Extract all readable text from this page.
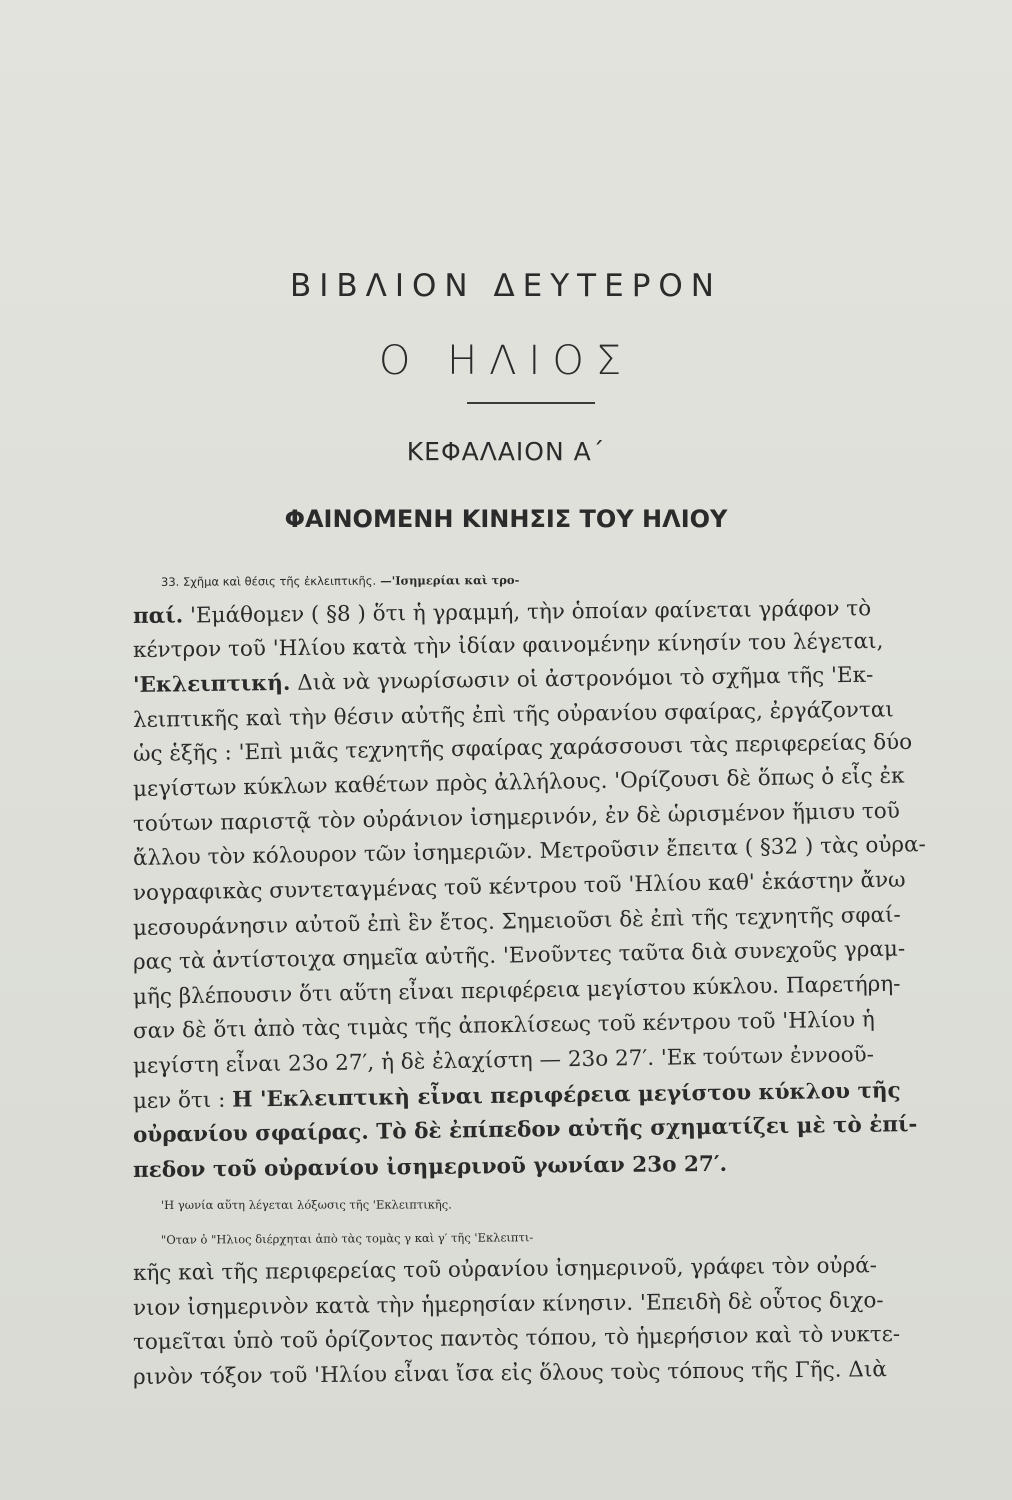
ΒΙΒΛΙΟΝ ΔΕΥΤΕΡΟΝ
Ο ΗΛΙΟΣ
ΚΕΦΑΛΑΙΟΝ Α΄
ΦΑΙΝΟΜΕΝΗ ΚΙΝΗΣΙΣ ΤΟΥ ΗΛΙΟΥ
33. Σχῆμα καὶ θέσις τῆς ἐκλειπτικῆς. —'Ισημερίαι καὶ τρο-
παί. 'Εμάθομεν ( §8 ) ὅτι ἡ γραμμή, τὴν ὁποίαν φαίνεται γράφον τὸ
κέντρον τοῦ 'Ηλίου κατὰ τὴν ἰδίαν φαινομένην κίνησίν του λέγεται,
'Εκλειπτική. Διὰ νὰ γνωρίσωσιν οἱ ἀστρονόμοι τὸ σχῆμα τῆς 'Εκ-
λειπτικῆς καὶ τὴν θέσιν αὐτῆς ἐπὶ τῆς οὐρανίου σφαίρας, ἐργάζονται
ὡς ἑξῆς : 'Επὶ μιᾶς τεχνητῆς σφαίρας χαράσσουσι τὰς περιφερείας δύο
μεγίστων κύκλων καθέτων πρὸς ἀλλήλους. 'Ορίζουσι δὲ ὅπως ὁ εἷς ἐκ
τούτων παριστᾷ τὸν οὐράνιον ἰσημερινόν, ἐν δὲ ὡρισμένον ἥμισυ τοῦ
ἄλλου τὸν κόλουρον τῶν ἰσημεριῶν. Μετροῦσιν ἔπειτα ( §32 ) τὰς οὐρα-
νογραφικὰς συντεταγμένας τοῦ κέντρου τοῦ 'Ηλίου καθ' ἑκάστην ἄνω
μεσουράνησιν αὐτοῦ ἐπὶ ἓν ἔτος. Σημειοῦσι δὲ ἐπὶ τῆς τεχνητῆς σφαί-
ρας τὰ ἀντίστοιχα σημεῖα αὐτῆς. 'Ενοῦντες ταῦτα διὰ συνεχοῦς γραμ-
μῆς βλέπουσιν ὅτι αὕτη εἶναι περιφέρεια μεγίστου κύκλου. Παρετήρη-
σαν δὲ ὅτι ἀπὸ τὰς τιμὰς τῆς ἀποκλίσεως τοῦ κέντρου τοῦ 'Ηλίου ἡ
μεγίστη εἶναι 23ο 27′, ἡ δὲ ἐλαχίστη — 23ο 27′. 'Εκ τούτων ἐννοοῦ-
μεν ὅτι : Η 'Εκλειπτικὴ εἶναι περιφέρεια μεγίστου κύκλου τῆς
οὐρανίου σφαίρας. Τὸ δὲ ἐπίπεδον αὐτῆς σχηματίζει μὲ τὸ ἐπί-
πεδον τοῦ οὐρανίου ἰσημερινοῦ γωνίαν 23ο 27′.
'Η γωνία αὕτη λέγεται λόξωσις τῆς 'Εκλειπτικῆς.
"Οταν ὁ "Ηλιος διέρχηται ἀπὸ τὰς τομὰς γ καὶ γ′ τῆς 'Εκλειπτι-
κῆς καὶ τῆς περιφερείας τοῦ οὐρανίου ἰσημερινοῦ, γράφει τὸν οὐρά-
νιον ἰσημερινὸν κατὰ τὴν ἡμερησίαν κίνησιν. 'Επειδὴ δὲ οὗτος διχο-
τομεῖται ὑπὸ τοῦ ὁρίζοντος παντὸς τόπου, τὸ ἡμερήσιον καὶ τὸ νυκτε-
ρινὸν τόξον τοῦ 'Ηλίου εἶναι ἴσα εἰς ὅλους τοὺς τόπους τῆς Γῆς. Διὰ
